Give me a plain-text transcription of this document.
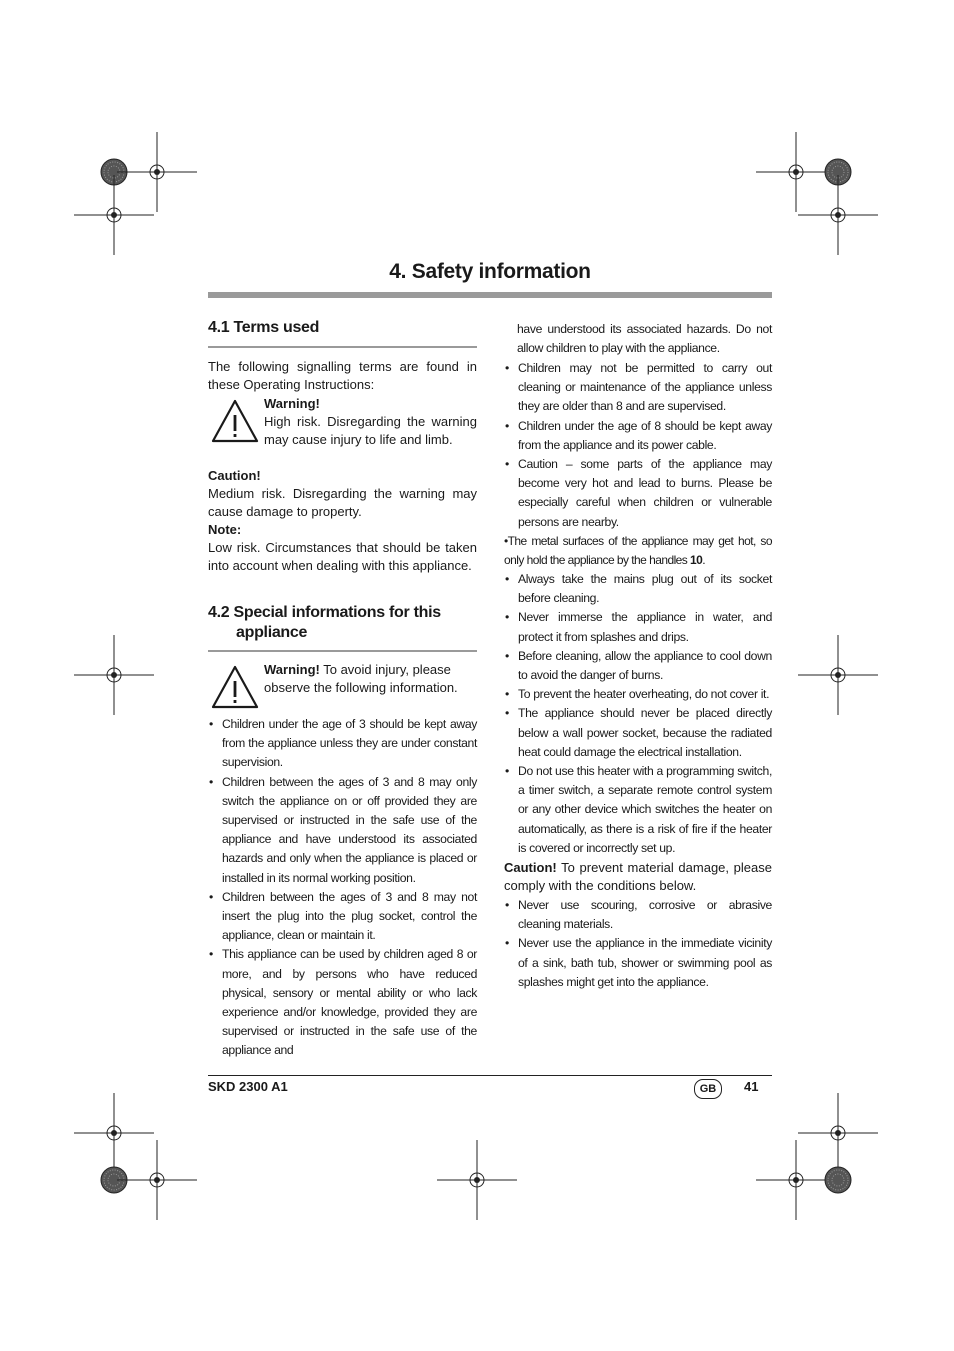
4. Safety information
4.1 Terms used
The following signalling terms are found in these Operating Instructions:
Warning!
High risk. Disregarding the warning may cause injury to life and limb.
Caution!
Medium risk. Disregarding the warning may cause damage to property.
Note:
Low risk. Circumstances that should be taken into account when dealing with this appliance.
4.2 Special informations for this
appliance
Warning! To avoid injury, please observe the following information.
• Children under the age of 3 should be kept away from the appliance unless they are under constant supervision.
• Children between the ages of 3 and 8 may only switch the appliance on or off provided they are supervised or instructed in the safe use of the appliance and have understood its associated hazards and only when the appliance is placed or installed in its normal working position.
• Children between the ages of 3 and 8 may not insert the plug into the plug socket, control the appliance, clean or maintain it.
• This appliance can be used by children aged 8 or more, and by persons who have reduced physical, sensory or mental ability or who lack experience and/or knowledge, provided they are supervised or instructed in the safe use of the appliance and
have understood its associated hazards. Do not allow children to play with the appliance.
• Children may not be permitted to carry out cleaning or maintenance of the appliance unless they are older than 8 and are supervised.
• Children under the age of 8 should be kept away from the appliance and its power cable.
• Caution – some parts of the appliance may become very hot and lead to burns. Please be especially careful when children or vulnerable persons are nearby.
•The metal surfaces of the appliance may get hot, so only hold the appliance by the handles 10.
• Always take the mains plug out of its socket before cleaning.
• Never immerse the appliance in water, and protect it from splashes and drips.
• Before cleaning, allow the appliance to cool down to avoid the danger of burns.
• To prevent the heater overheating, do not cover it.
• The appliance should never be placed directly below a wall power socket, because the radiated heat could damage the electrical installation.
• Do not use this heater with a programming switch, a timer switch, a separate remote control system or any other device which switches the heater on automatically, as there is a risk of fire if the heater is covered or incorrectly set up.
Caution! To prevent material damage, please comply with the conditions below.
• Never use scouring, corrosive or abrasive cleaning materials.
• Never use the appliance in the immediate vicinity of a sink, bath tub, shower or swimming pool as splashes might get into the appliance.
SKD 2300 A1	GB	41
